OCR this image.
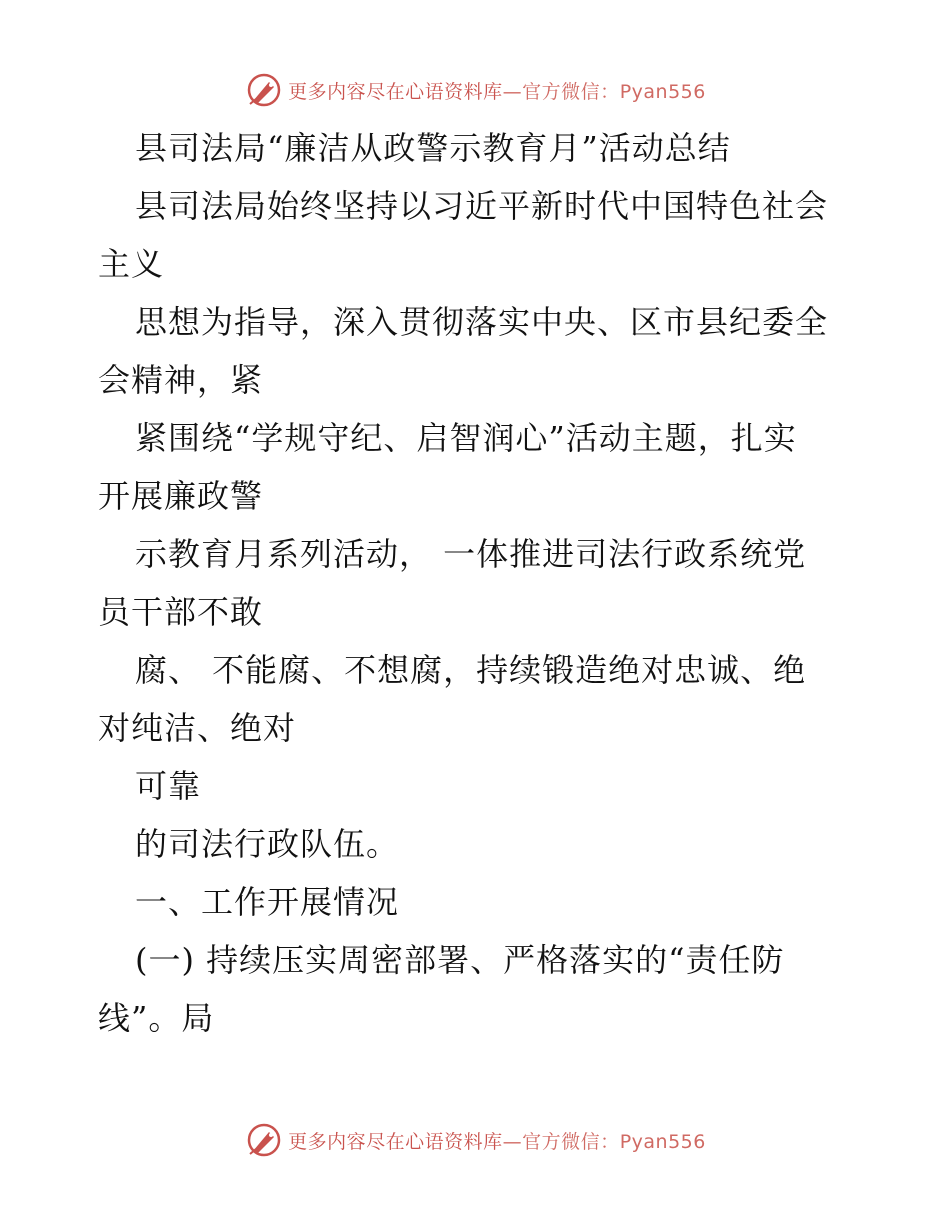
更多内容尽在心语资料库—官方微信：Pyan556
县司法局“廉洁从政警示教育月”活动总结
县司法局始终坚持以习近平新时代中国特色社会
主义
思想为指导，深入贯彻落实中央、区市县纪委全
会精神，紧
紧围绕“学规守纪、启智润心”活动主题，扎实
开展廉政警
示教育月系列活动， 一体推进司法行政系统党
员干部不敢
腐、 不能腐、不想腐，持续锻造绝对忠诚、绝
对纯洁、绝对
可靠
的司法行政队伍。
一、工作开展情况
(一) 持续压实周密部署、严格落实的“责任防
线”。局
更多内容尽在心语资料库—官方微信：Pyan556
